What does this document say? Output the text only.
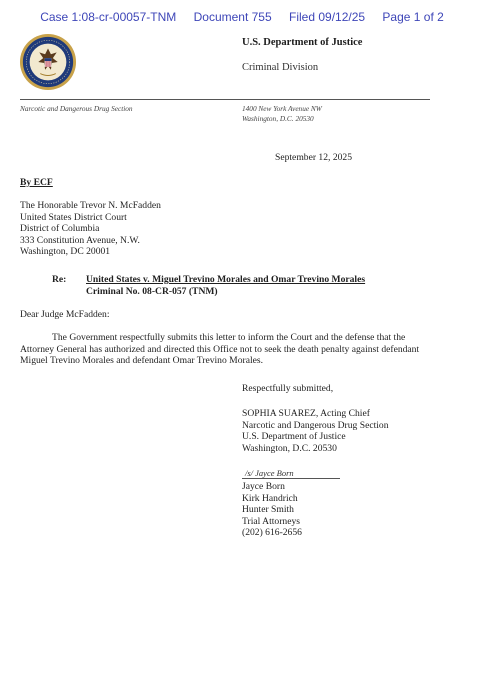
Case 1:08-cr-00057-TNM Document 755 Filed 09/12/25 Page 1 of 2
U.S. Department of Justice
Criminal Division
Narcotic and Dangerous Drug Section	1400 New York Avenue NW
Washington, D.C. 20530
September 12, 2025
By ECF
The Honorable Trevor N. McFadden
United States District Court
District of Columbia
333 Constitution Avenue, N.W.
Washington, DC 20001
Re: United States v. Miguel Trevino Morales and Omar Trevino Morales
Criminal No. 08-CR-057 (TNM)
Dear Judge McFadden:
The Government respectfully submits this letter to inform the Court and the defense that the Attorney General has authorized and directed this Office not to seek the death penalty against defendant Miguel Trevino Morales and defendant Omar Trevino Morales.
Respectfully submitted,
SOPHIA SUAREZ, Acting Chief
Narcotic and Dangerous Drug Section
U.S. Department of Justice
Washington, D.C. 20530
/s/ Jayce Born
Jayce Born
Kirk Handrich
Hunter Smith
Trial Attorneys
(202) 616-2656
